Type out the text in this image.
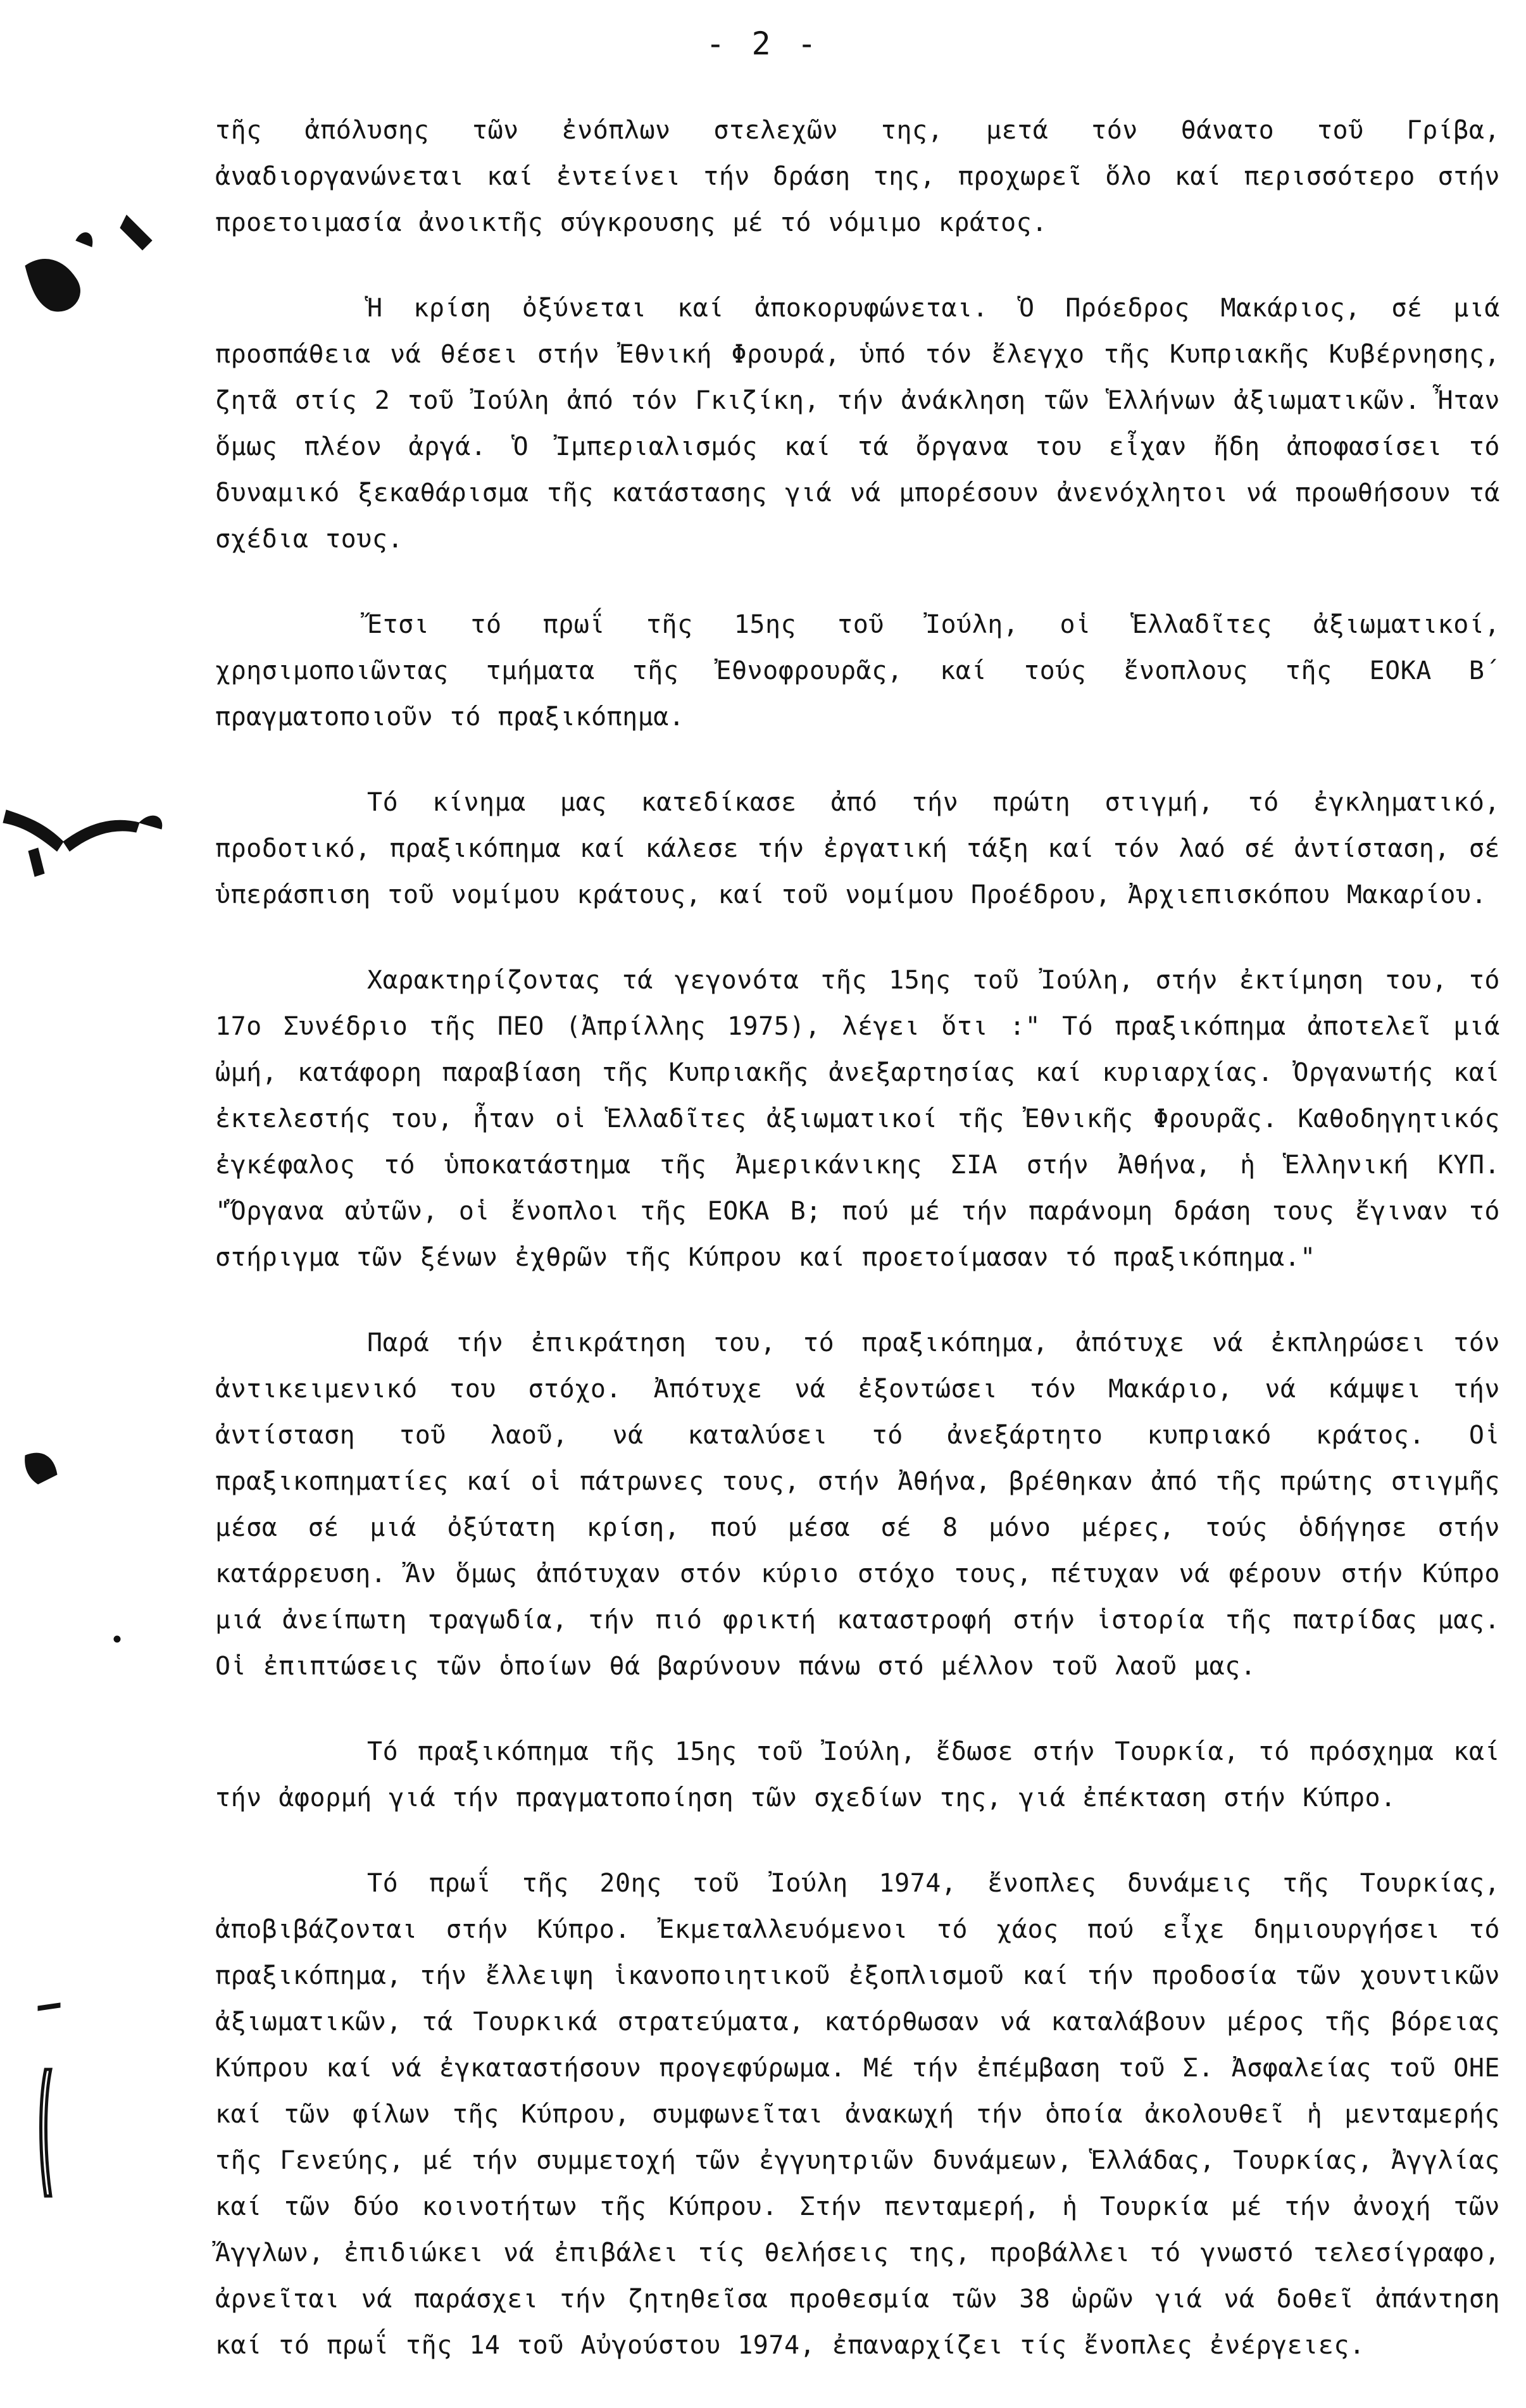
- 2 -

τῆς ἀπόλυσης τῶν ἐνόπλων στελεχῶν της, μετά τόν θάνατο τοῦ Γρίβα, ἀναδιοργανώνεται καί ἐντείνει τήν δράση της, προχωρεῖ ὅλο καί περισσότερο στήν προετοιμασία ἀνοικτῆς σύγκρουσης μέ τό νόμιμο κράτος.

Ἡ κρίση ὀξύνεται καί ἀποκορυφώνεται. Ὁ Πρόεδρος Μακάριος, σέ μιά προσπάθεια νά θέσει στήν Ἐθνική Φρουρά, ὑπό τόν ἔλεγχο τῆς Κυπριακῆς Κυβέρνησης, ζητᾶ στίς 2 τοῦ Ἰούλη ἀπό τόν Γκιζίκη, τήν ἀνάκληση τῶν Ἑλλήνων ἀξιωματικῶν. Ἦταν ὅμως πλέον ἀργά. Ὁ Ἰμπεριαλισμός καί τά ὄργανα του εἶχαν ἤδη ἀποφασίσει τό δυναμικό ξεκαθάρισμα τῆς κατάστασης γιά νά μπορέσουν ἀνενόχλητοι νά προωθήσουν τά σχέδια τους.

Ἔτσι τό πρωΐ τῆς 15ης τοῦ Ἰούλη, οἱ Ἑλλαδῖτες ἀξιωματικοί, χρησιμοποιῶντας τμήματα τῆς Ἐθνοφρουρᾶς, καί τούς ἔνοπλους τῆς ΕΟΚΑ Β΄ πραγματοποιοῦν τό πραξικόπημα.

Τό κίνημα μας κατεδίκασε ἀπό τήν πρώτη στιγμή, τό ἐγκληματικό, προδοτικό, πραξικόπημα καί κάλεσε τήν ἐργατική τάξη καί τόν λαό σέ ἀντίσταση, σέ ὑπεράσπιση τοῦ νομίμου κράτους, καί τοῦ νομίμου Προέδρου, Ἀρχιεπισκόπου Μακαρίου.

Χαρακτηρίζοντας τά γεγονότα τῆς 15ης τοῦ Ἰούλη, στήν ἐκτίμηση του, τό 17ο Συνέδριο τῆς ΠΕΟ (Ἀπρίλλης 1975), λέγει ὅτι :" Τό πραξικόπημα ἀποτελεῖ μιά ὠμή, κατάφορη παραβίαση τῆς Κυπριακῆς ἀνεξαρτησίας καί κυριαρχίας. Ὀργανωτής καί ἐκτελεστής του, ἦταν οἱ Ἑλλαδῖτες ἀξιωματικοί τῆς Ἐθνικῆς Φρουρᾶς. Καθοδηγητικός ἐγκέφαλος τό ὑποκατάστημα τῆς Ἀμερικάνικης ΣΙΑ στήν Ἀθήνα, ἡ Ἑλληνική ΚΥΠ. "Ὄργανα αὐτῶν, οἱ ἔνοπλοι τῆς ΕΟΚΑ Β; πού μέ τήν παράνομη δράση τους ἔγιναν τό στήριγμα τῶν ξένων ἐχθρῶν τῆς Κύπρου καί προετοίμασαν τό πραξικόπημα."

Παρά τήν ἐπικράτηση του, τό πραξικόπημα, ἀπότυχε νά ἐκπληρώσει τόν ἀντικειμενικό του στόχο. Ἀπότυχε νά ἐξοντώσει τόν Μακάριο, νά κάμψει τήν ἀντίσταση τοῦ λαοῦ, νά καταλύσει τό ἀνεξάρτητο κυπριακό κράτος. Οἱ πραξικοπηματίες καί οἱ πάτρωνες τους, στήν Ἀθήνα, βρέθηκαν ἀπό τῆς πρώτης στιγμῆς μέσα σέ μιά ὀξύτατη κρίση, πού μέσα σέ 8 μόνο μέρες, τούς ὁδήγησε στήν κατάρρευση. Ἄν ὅμως ἀπότυχαν στόν κύριο στόχο τους, πέτυχαν νά φέρουν στήν Κύπρο μιά ἀνείπωτη τραγωδία, τήν πιό φρικτή καταστροφή στήν ἱστορία τῆς πατρίδας μας. Οἱ ἐπιπτώσεις τῶν ὁποίων θά βαρύνουν πάνω στό μέλλον τοῦ λαοῦ μας.

Τό πραξικόπημα τῆς 15ης τοῦ Ἰούλη, ἔδωσε στήν Τουρκία, τό πρόσχημα καί τήν ἀφορμή γιά τήν πραγματοποίηση τῶν σχεδίων της, γιά ἐπέκταση στήν Κύπρο.

Τό πρωΐ τῆς 20ης τοῦ Ἰούλη 1974, ἔνοπλες δυνάμεις τῆς Τουρκίας, ἀποβιβάζονται στήν Κύπρο. Ἐκμεταλλευόμενοι τό χάος πού εἶχε δημιουργήσει τό πραξικόπημα, τήν ἔλλειψη ἱκανοποιητικοῦ ἐξοπλισμοῦ καί τήν προδοσία τῶν χουντικῶν ἀξιωματικῶν, τά Τουρκικά στρατεύματα, κατόρθωσαν νά καταλάβουν μέρος τῆς βόρειας Κύπρου καί νά ἐγκαταστήσουν προγεφύρωμα. Μέ τήν ἐπέμβαση τοῦ Σ. Ἀσφαλείας τοῦ ΟΗΕ καί τῶν φίλων τῆς Κύπρου, συμφωνεῖται ἀνακωχή τήν ὁποία ἀκολουθεῖ ἡ μενταμερής τῆς Γενεύης, μέ τήν συμμετοχή τῶν ἐγγυητριῶν δυνάμεων, Ἑλλάδας, Τουρκίας, Ἀγγλίας καί τῶν δύο κοινοτήτων τῆς Κύπρου. Στήν πενταμερή, ἡ Τουρκία μέ τήν ἀνοχή τῶν Ἄγγλων, ἐπιδιώκει νά ἐπιβάλει τίς θελήσεις της, προβάλλει τό γνωστό τελεσίγραφο, ἀρνεῖται νά παράσχει τήν ζητηθεῖσα προθεσμία τῶν 38 ὡρῶν γιά νά δοθεῖ ἀπάντηση καί τό πρωΐ τῆς 14 τοῦ Αὐγούστου 1974, ἐπαναρχίζει τίς ἔνοπλες ἐνέργειες.
